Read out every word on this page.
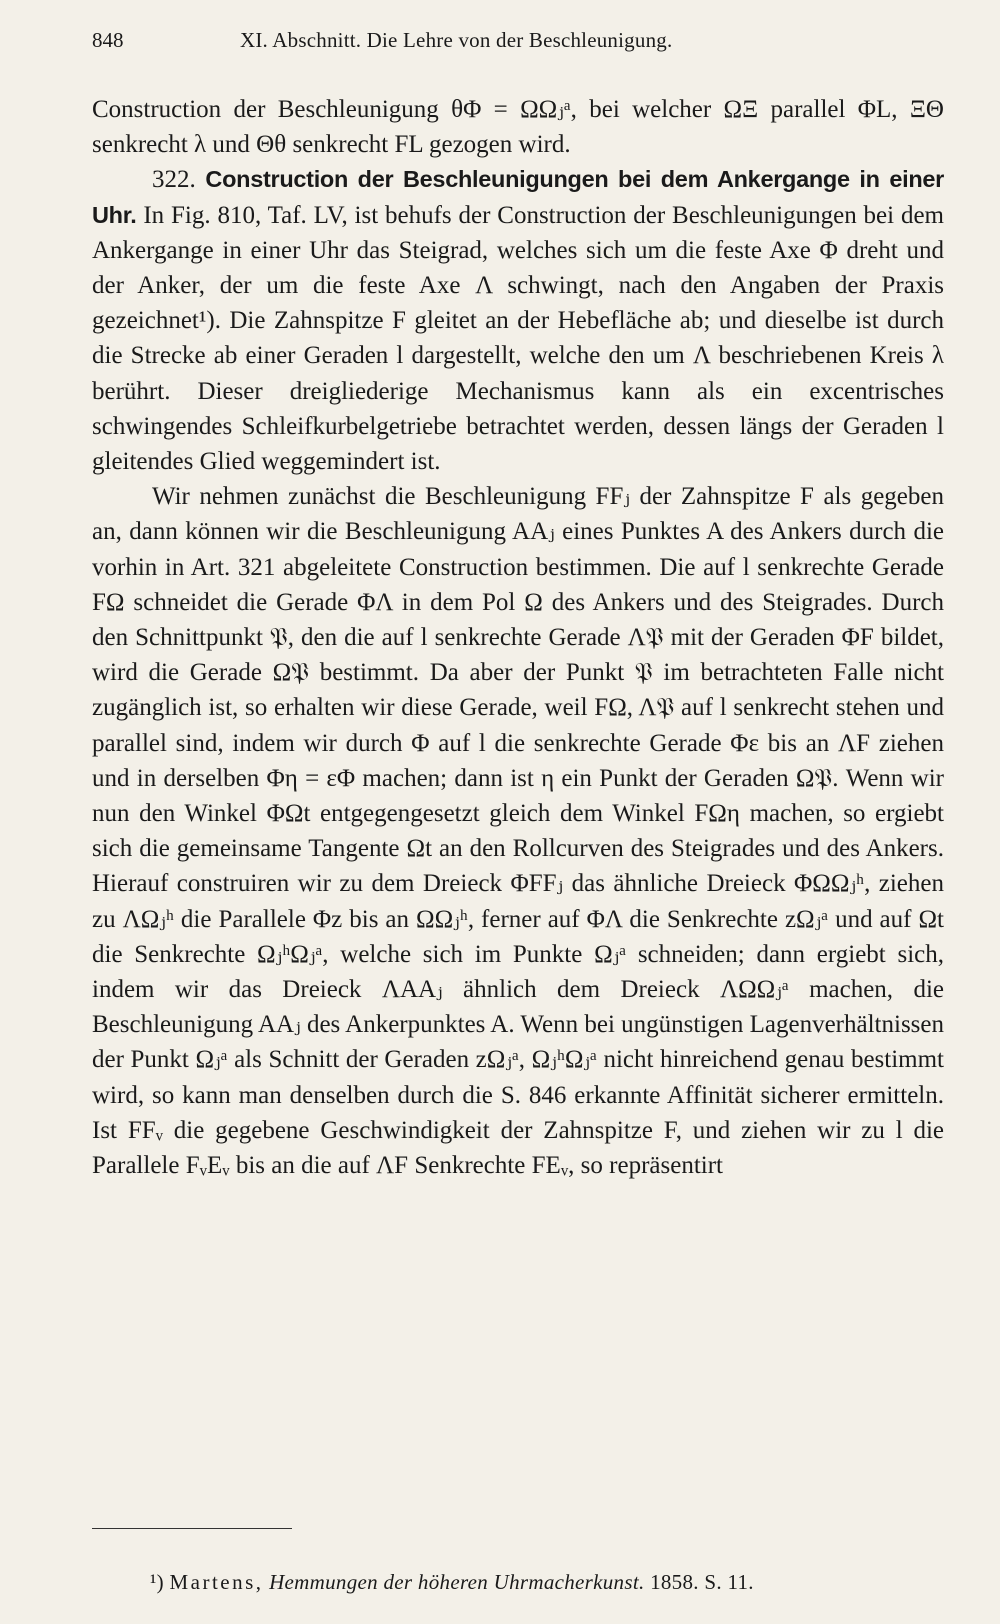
848	XI. Abschnitt. Die Lehre von der Beschleunigung.

Construction der Beschleunigung θΦ = ΩΩⱼᵃ, bei welcher ΩΞ parallel ΦL, ΞΘ senkrecht λ und Θθ senkrecht FL gezogen wird.

322. Construction der Beschleunigungen bei dem Ankergange in einer Uhr. In Fig. 810, Taf. LV, ist behufs der Construction der Beschleunigungen bei dem Ankergange in einer Uhr das Steigrad, welches sich um die feste Axe Φ dreht und der Anker, der um die feste Axe Λ schwingt, nach den Angaben der Praxis gezeichnet¹). Die Zahnspitze F gleitet an der Hebefläche ab; und dieselbe ist durch die Strecke ab einer Geraden l dargestellt, welche den um Λ beschriebenen Kreis λ berührt. Dieser dreigliederige Mechanismus kann als ein excentrisches schwingendes Schleifkurbelgetriebe betrachtet werden, dessen längs der Geraden l gleitendes Glied weggemindert ist.

Wir nehmen zunächst die Beschleunigung FFⱼ der Zahnspitze F als gegeben an, dann können wir die Beschleunigung AAⱼ eines Punktes A des Ankers durch die vorhin in Art. 321 abgeleitete Construction bestimmen. Die auf l senkrechte Gerade FΩ schneidet die Gerade ΦΛ in dem Pol Ω des Ankers und des Steigrades. Durch den Schnittpunkt 𝔓, den die auf l senkrechte Gerade Λ𝔓 mit der Geraden ΦF bildet, wird die Gerade Ω𝔓 bestimmt. Da aber der Punkt 𝔓 im betrachteten Falle nicht zugänglich ist, so erhalten wir diese Gerade, weil FΩ, Λ𝔓 auf l senkrecht stehen und parallel sind, indem wir durch Φ auf l die senkrechte Gerade Φε bis an ΛF ziehen und in derselben Φη = εΦ machen; dann ist η ein Punkt der Geraden Ω𝔓. Wenn wir nun den Winkel ΦΩt entgegengesetzt gleich dem Winkel FΩη machen, so ergiebt sich die gemeinsame Tangente Ωt an den Rollcurven des Steigrades und des Ankers. Hierauf construiren wir zu dem Dreieck ΦFFⱼ das ähnliche Dreieck ΦΩΩⱼʰ, ziehen zu ΛΩⱼʰ die Parallele Φz bis an ΩΩⱼʰ, ferner auf ΦΛ die Senkrechte zΩⱼᵃ und auf Ωt die Senkrechte ΩⱼʰΩⱼᵃ, welche sich im Punkte Ωⱼᵃ schneiden; dann ergiebt sich, indem wir das Dreieck ΛAAⱼ ähnlich dem Dreieck ΛΩΩⱼᵃ machen, die Beschleunigung AAⱼ des Ankerpunktes A. Wenn bei ungünstigen Lagenverhältnissen der Punkt Ωⱼᵃ als Schnitt der Geraden zΩⱼᵃ, ΩⱼʰΩⱼᵃ nicht hinreichend genau bestimmt wird, so kann man denselben durch die S. 846 erkannte Affinität sicherer ermitteln. Ist FFᵥ die gegebene Geschwindigkeit der Zahnspitze F, und ziehen wir zu l die Parallele FᵥEᵥ bis an die auf ΛF Senkrechte FEᵥ, so repräsentirt

¹) Martens, Hemmungen der höheren Uhrmacherkunst. 1858. S. 11.
